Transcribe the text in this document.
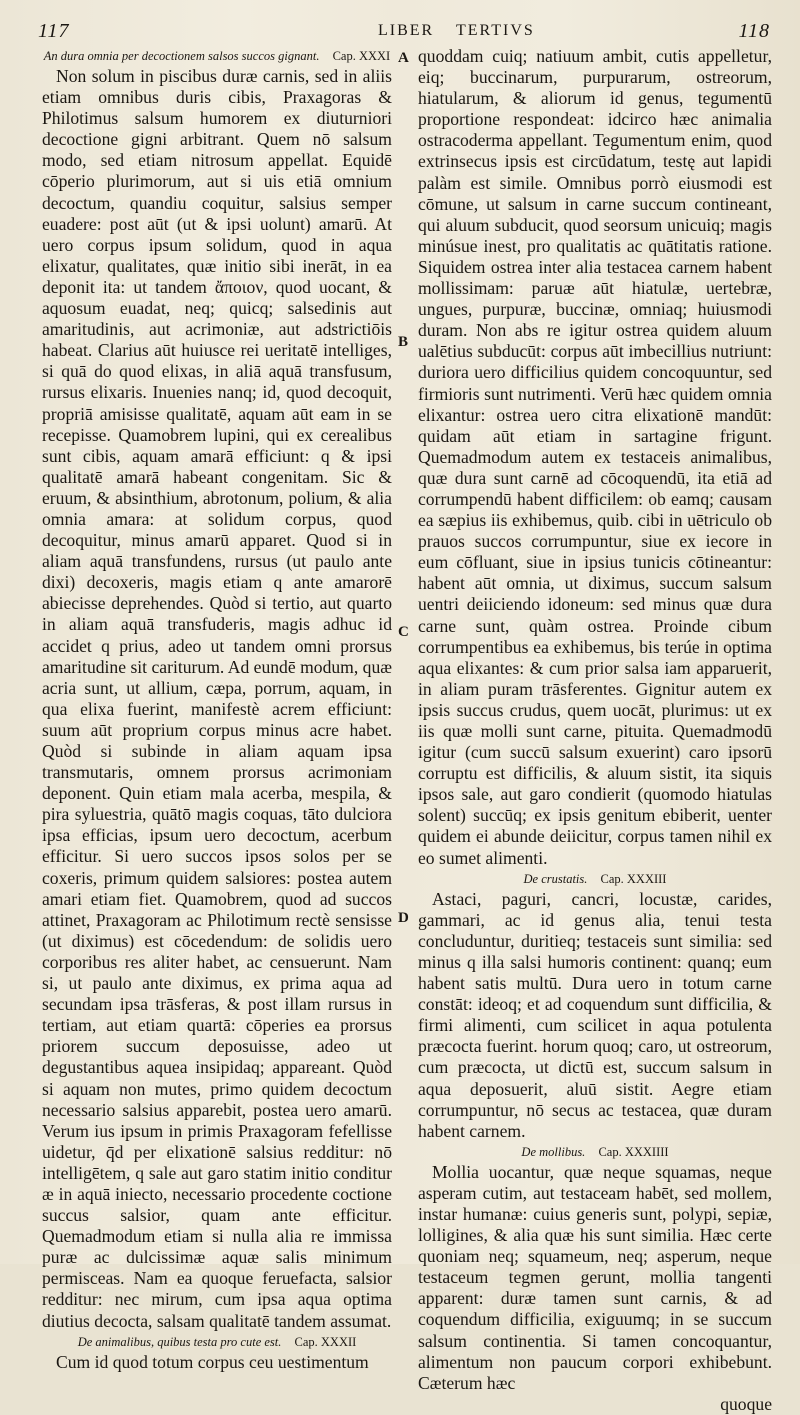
117	LIBER TERTIVS	118
A
B
C
D
An dura omnia per decoctionem salsos succos gignant. Cap. XXXI

Non solum in piscibus duræ carnis, sed in aliis etiam omnibus duris cibis, Praxagoras & Philotimus salsum humorem ex diuturniori decoctione gigni arbitrant. Quem nō salsum modo, sed etiam nitrosum appellat. Equidē cōperio plurimorum, aut si uis etiā omnium decoctum, quandiu coquitur, salsius semper euadere: post aūt (ut & ipsi uolunt) amarū. At uero corpus ipsum solidum, quod in aqua elixatur, qualitates, quæ initio sibi inerāt, in ea deponit ita: ut tandem ἄποιον, quod uocant, & aquosum euadat, neq; quicq; salsedinis aut amaritudinis, aut acrimoniæ, aut adstrictiōis habeat. Clarius aūt huiusce rei ueritatē intelliges, si quā do quod elixas, in aliā aquā transfusum, rursus elixaris. Inuenies nanq; id, quod decoquit, propriā amisisse qualitatē, aquam aūt eam in se recepisse. Quamobrem lupini, qui ex cerealibus sunt cibis, aquam amarā efficiunt: q & ipsi qualitatē amarā habeant congenitam. Sic & eruum, & absinthium, abrotonum, polium, & alia omnia amara: at solidum corpus, quod decoquitur, minus amarū apparet. Quod si in aliam aquā transfundens, rursus (ut paulo ante dixi) decoxeris, magis etiam q ante amarorē abiecisse deprehendes. Quòd si tertio, aut quarto in aliam aquā transfuderis, magis adhuc id accidet q prius, adeo ut tandem omni prorsus amaritudine sit cariturum. Ad eundē modum, quæ acria sunt, ut allium, cæpa, porrum, aquam, in qua elixa fuerint, manifestè acrem efficiunt: suum aūt proprium corpus minus acre habet. Quòd si subinde in aliam aquam ipsa transmutaris, omnem prorsus acrimoniam deponent. Quin etiam mala acerba, mespila, & pira syluestria, quātō magis coquas, tāto dulciora ipsa efficias, ipsum uero decoctum, acerbum efficitur. Si uero succos ipsos solos per se coxeris, primum quidem salsiores: postea autem amari etiam fiet. Quamobrem, quod ad succos attinet, Praxagoram ac Philotimum rectè sensisse (ut diximus) est cōcedendum: de solidis uero corporibus res aliter habet, ac censuerunt. Nam si, ut paulo ante diximus, ex prima aqua ad secundam ipsa trāsferas, & post illam rursus in tertiam, aut etiam quartā: cōperies ea prorsus priorem succum deposuisse, adeo ut degustantibus aqueа insipidaq; appareant. Quòd si aquam non mutes, primo quidem decoctum necessario salsius apparebit, postea uero amarū. Verum ius ipsum in primis Praxagoram fefellisse uidetur, q̄d per elixationē salsius redditur: nō intelligētem, q sale aut garo statim initio conditur æ in aquā iniecto, necessario procedente coctione succus salsior, quam ante efficitur. Quemadmodum etiam si nulla alia re immissa puræ ac dulcissimæ aquæ salis minimum permisceas. Nam ea quoque feruefacta, salsior redditur: nec mirum, cum ipsa aqua optima diutius decocta, salsam qualitatē tandem assumat.

De animalibus, quibus testa pro cute est. Cap. XXXII

Cum id quod totum corpus ceu uestimentum

quoddam cuiq; natiuum ambit, cutis appelletur, eiq; buccinarum, purpurarum, ostreorum, hiatularum, & aliorum id genus, tegumentū proportione respondeat: idcirco hæc animalia ostracoderma appellant. Tegumentum enim, quod extrinsecus ipsis est circūdatum, testę aut lapidi palàm est simile. Omnibus porrò eiusmodi est cōmune, ut salsum in carne succum contineant, qui aluum subducit, quod seorsum unicuiq; magis minúsue inest, pro qualitatis ac quātitatis ratione. Siquidem ostrea inter alia testacea carnem habent mollissimam: paruæ aūt hiatulæ, uertebræ, ungues, purpuræ, buccinæ, omniaq; huiusmodi duram. Non abs re igitur ostrea quidem aluum ualētius subducūt: corpus aūt imbecillius nutriunt: duriora uero difficilius quidem concoquuntur, sed firmioris sunt nutrimenti. Verū hæc quidem omnia elixantur: ostrea uero citra elixationē mandūt: quidam aūt etiam in sartagine frigunt. Quemadmodum autem ex testaceis animalibus, quæ dura sunt carnē ad cōcoquendū, ita etiā ad corrumpendū habent difficilem: ob eamq; causam ea sæpius iis exhibemus, quib. cibi in uētriculo ob prauos succos corrumpuntur, siue ex iecore in eum cōfluant, siue in ipsius tunicis cōtineantur: habent aūt omnia, ut diximus, succum salsum uentri deiiciendo idoneum: sed minus quæ dura carne sunt, quàm ostrea. Proinde cibum corrumpentibus ea exhibemus, bis terúe in optima aqua elixantes: & cum prior salsa iam apparuerit, in aliam puram trāsferentes. Gignitur autem ex ipsis succus crudus, quem uocāt, plurimus: ut ex iis quæ molli sunt carne, pituita. Quemadmodū igitur (cum succū salsum exuerint) caro ipsorū corruptu est difficilis, & aluum sistit, ita siquis ipsos sale, aut garo condierit (quomodo hiatulas solent) succūq; ex ipsis genitum ebiberit, uenter quidem ei abunde deiicitur, corpus tamen nihil ex eo sumet alimenti.

De crustatis. Cap. XXXIII

Astaci, paguri, cancri, locustæ, carides, gammari, ac id genus alia, tenui testa concluduntur, duritieq; testaceis sunt similia: sed minus q illa salsi humoris continent: quanq; eum habent satis multū. Dura uero in totum carne constāt: ideoq; et ad coquendum sunt difficilia, & firmi alimenti, cum scilicet in aqua potulenta præcocta fuerint. horum quoq; caro, ut ostreorum, cum præcocta, ut dictū est, succum salsum in aqua deposuerit, aluū sistit. Aegre etiam corrumpuntur, nō secus ac testacea, quæ duram habent carnem.

De mollibus. Cap. XXXIIII

Mollia uocantur, quæ neque squamas, neque asperam cutim, aut testaceam habēt, sed mollem, instar humanæ: cuius generis sunt, polypi, sepiæ, lolligines, & alia quæ his sunt similia. Hæc certe quoniam neq; squameum, neq; asperum, neque testaceum tegmen gerunt, mollia tangenti apparent: duræ tamen sunt carnis, & ad coquendum difficilia, exiguumq; in se succum salsum continentia. Si tamen concoquantur, alimentum non paucum corpori exhibebunt. Cæterum hæc

quoque
